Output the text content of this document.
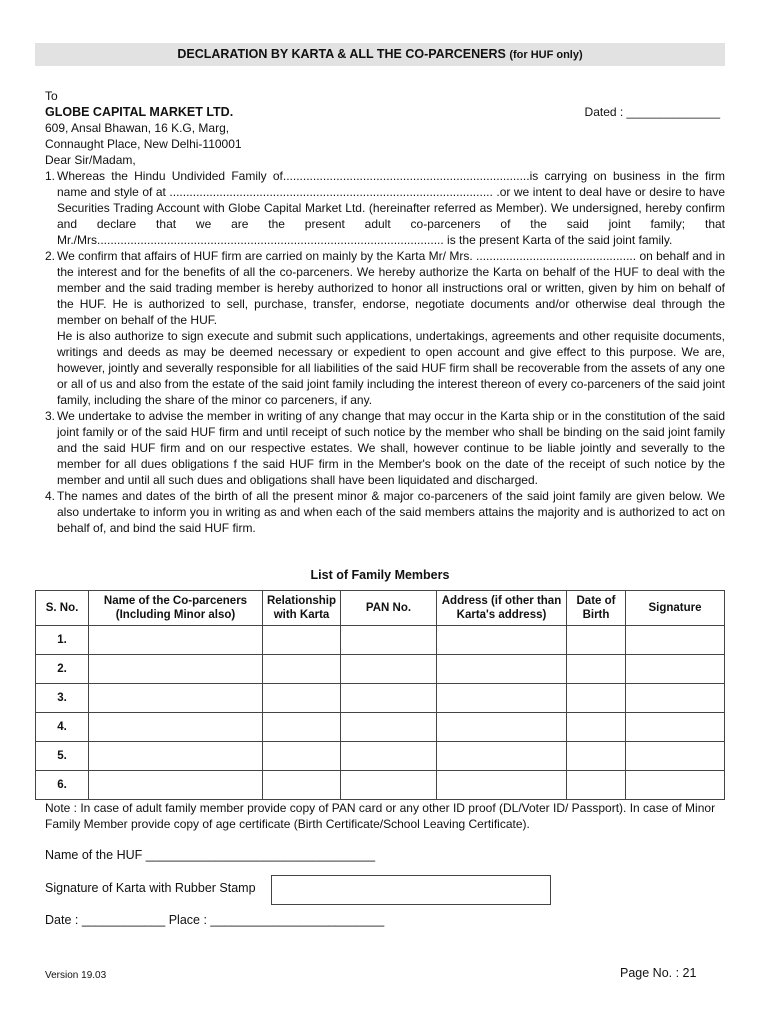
DECLARATION BY KARTA & ALL THE CO-PARCENERS (for HUF only)
To
GLOBE CAPITAL MARKET LTD.	Dated : ______________
609, Ansal Bhawan, 16 K.G, Marg,
Connaught Place, New Delhi-110001
Dear Sir/Madam,
1. Whereas the Hindu Undivided Family of..........................................................................is carrying on business in the firm name and style of at ................................................................................................. .or we intent to deal have or desire to have Securities Trading Account with Globe Capital Market Ltd. (hereinafter referred as Member). We undersigned, hereby confirm and declare that we are the present adult co-parceners of the said joint family; that Mr./Mrs........................................................................................................ is the present Karta of the said joint family.
2. We confirm that affairs of HUF firm are carried on mainly by the Karta Mr/ Mrs. ................................................ on behalf and in the interest and for the benefits of all the co-parceners. We hereby authorize the Karta on behalf of the HUF to deal with the member and the said trading member is hereby authorized to honor all instructions oral or written, given by him on behalf of the HUF. He is authorized to sell, purchase, transfer, endorse, negotiate documents and/or otherwise deal through the member on behalf of the HUF.
He is also authorize to sign execute and submit such applications, undertakings, agreements and other requisite documents, writings and deeds as may be deemed necessary or expedient to open account and give effect to this purpose. We are, however, jointly and severally responsible for all liabilities of the said HUF firm shall be recoverable from the assets of any one or all of us and also from the estate of the said joint family including the interest thereon of every co-parceners of the said joint family, including the share of the minor co parceners, if any.
3. We undertake to advise the member in writing of any change that may occur in the Karta ship or in the constitution of the said joint family or of the said HUF firm and until receipt of such notice by the member who shall be binding on the said joint family and the said HUF firm and on our respective estates. We shall, however continue to be liable jointly and severally to the member for all dues obligations f the said HUF firm in the Member's book on the date of the receipt of such notice by the member and until all such dues and obligations shall have been liquidated and discharged.
4. The names and dates of the birth of all the present minor & major co-parceners of the said joint family are given below. We also undertake to inform you in writing as and when each of the said members attains the majority and is authorized to act on behalf of, and bind the said HUF firm.
List of Family Members
S. No.	Name of the Co-parceners (Including Minor also)	Relationship with Karta	PAN No.	Address (if other than Karta's address)	Date of Birth	Signature
1.						
2.						
3.						
4.						
5.						
6.						
Note : In case of adult family member provide copy of PAN card or any other ID proof (DL/Voter ID/ Passport). In case of Minor Family Member provide copy of age certificate (Birth Certificate/School Leaving Certificate).
Name of the HUF _________________________________
Signature of Karta with Rubber Stamp
Date : ____________ Place : _________________________
Version 19.03	Page No. : 21
